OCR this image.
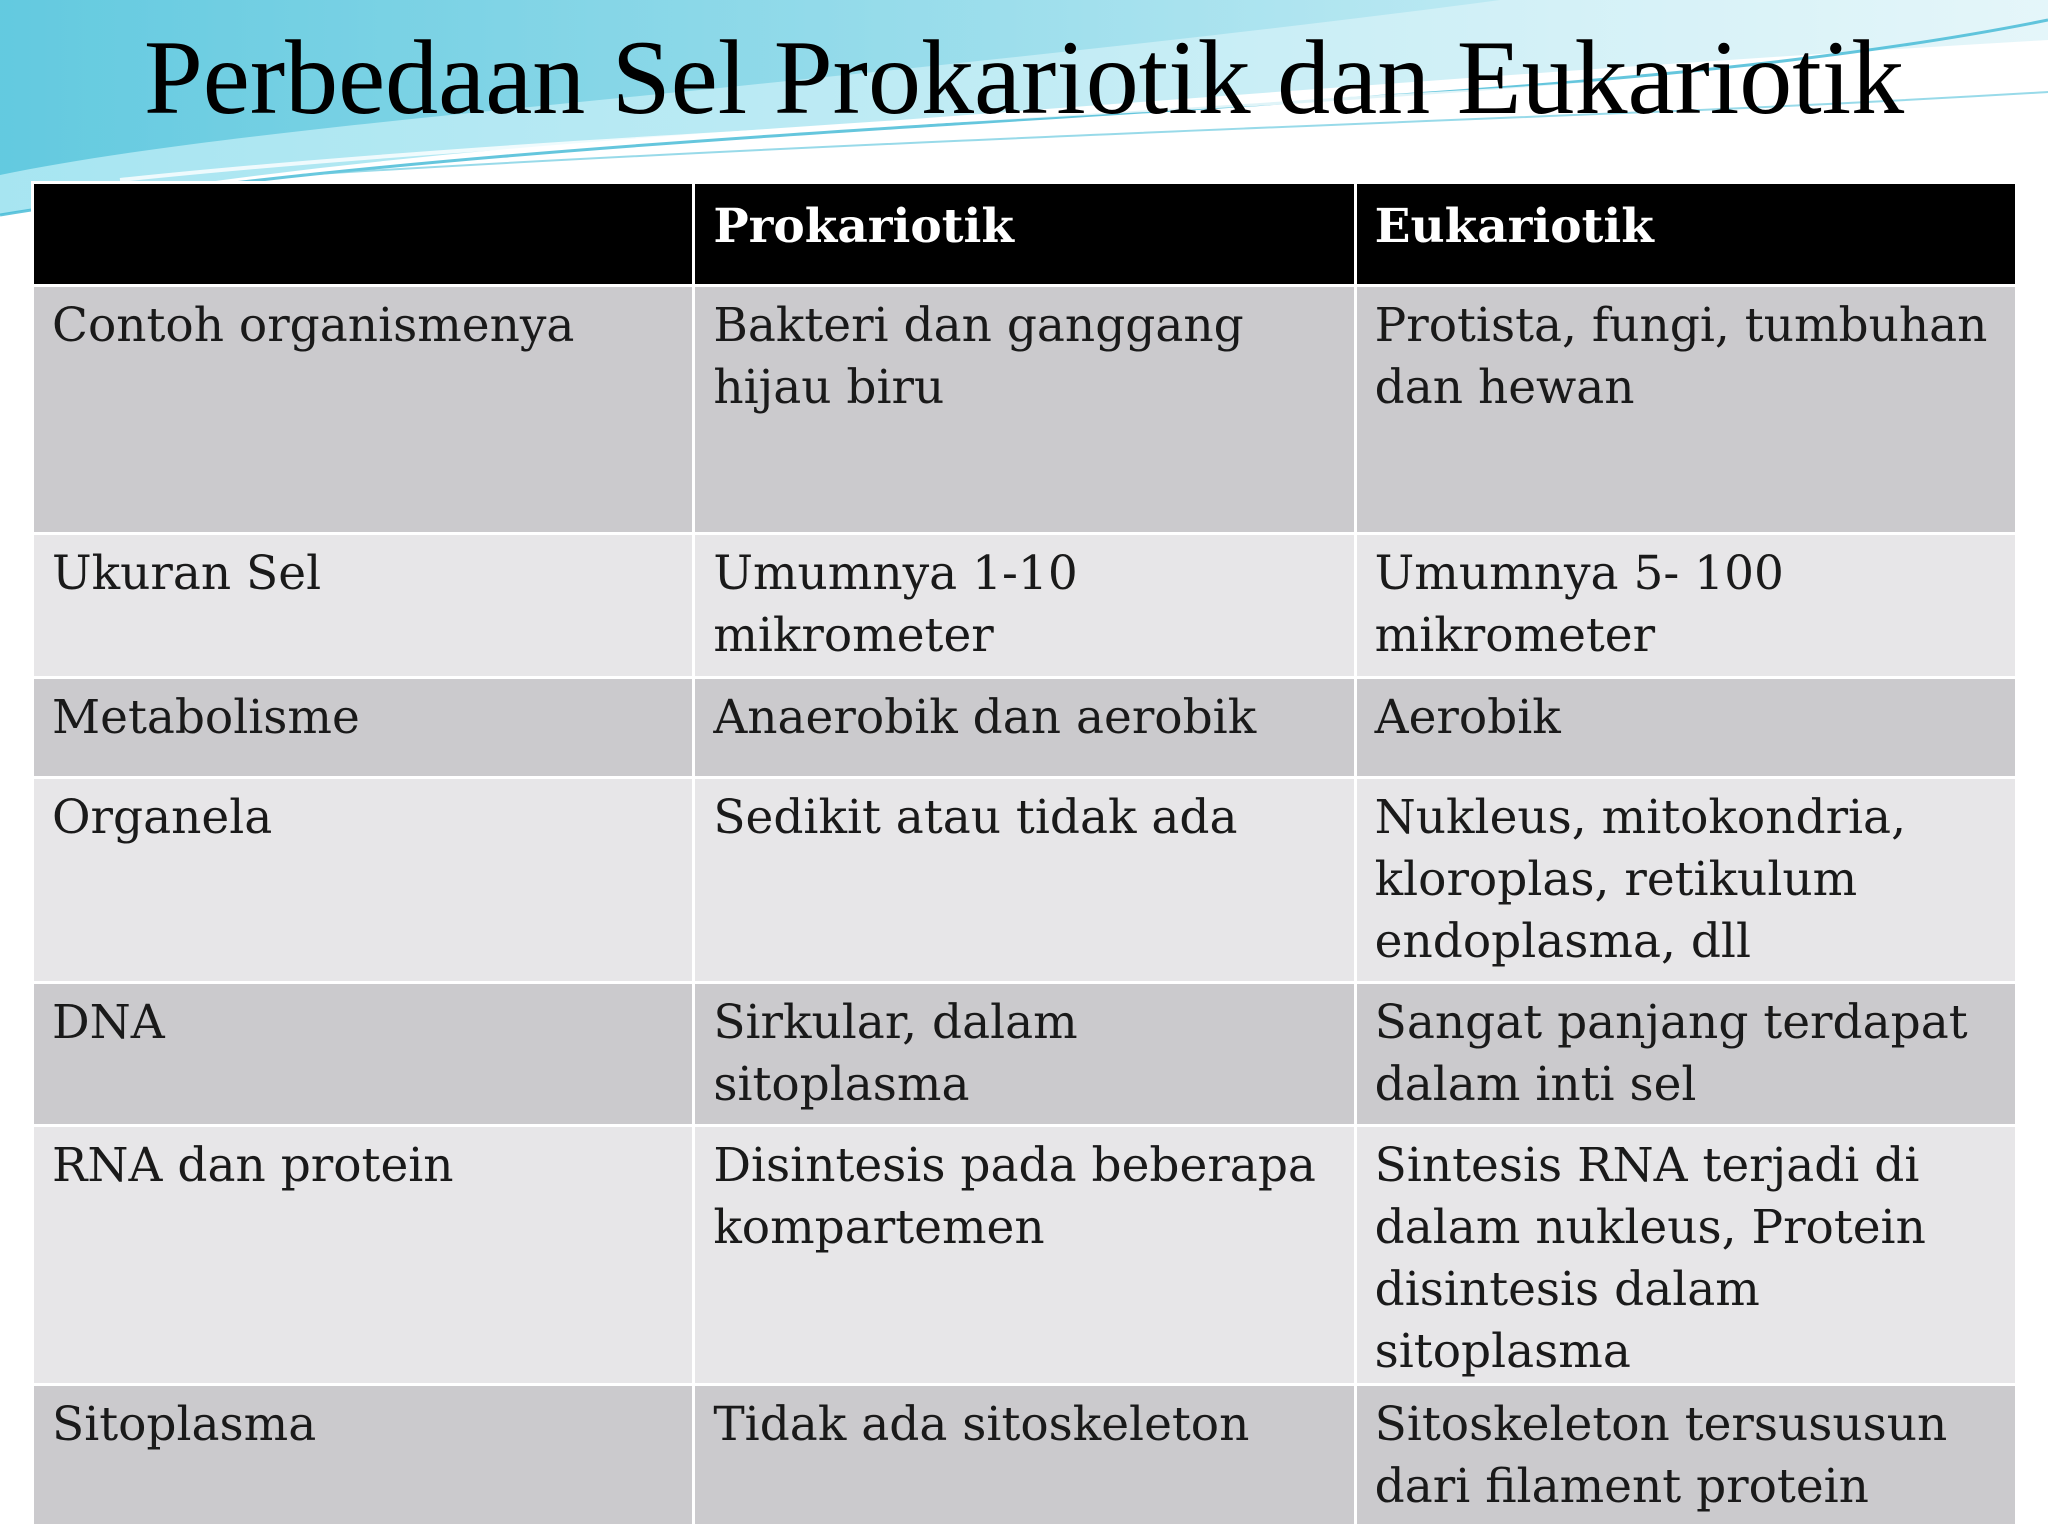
Perbedaan Sel Prokariotik dan Eukariotik
	Prokariotik	Eukariotik
Contoh organismenya	Bakteri dan ganggang hijau biru	Protista, fungi, tumbuhan dan hewan
Ukuran Sel	Umumnya 1-10 mikrometer	Umumnya 5- 100 mikrometer
Metabolisme	Anaerobik dan aerobik	Aerobik
Organela	Sedikit atau tidak ada	Nukleus, mitokondria, kloroplas, retikulum endoplasma, dll
DNA	Sirkular, dalam sitoplasma	Sangat panjang terdapat dalam inti sel
RNA dan protein	Disintesis pada beberapa kompartemen	Sintesis RNA terjadi di dalam nukleus, Protein disintesis dalam sitoplasma
Sitoplasma	Tidak ada sitoskeleton	Sitoskeleton tersususun dari filament protein
